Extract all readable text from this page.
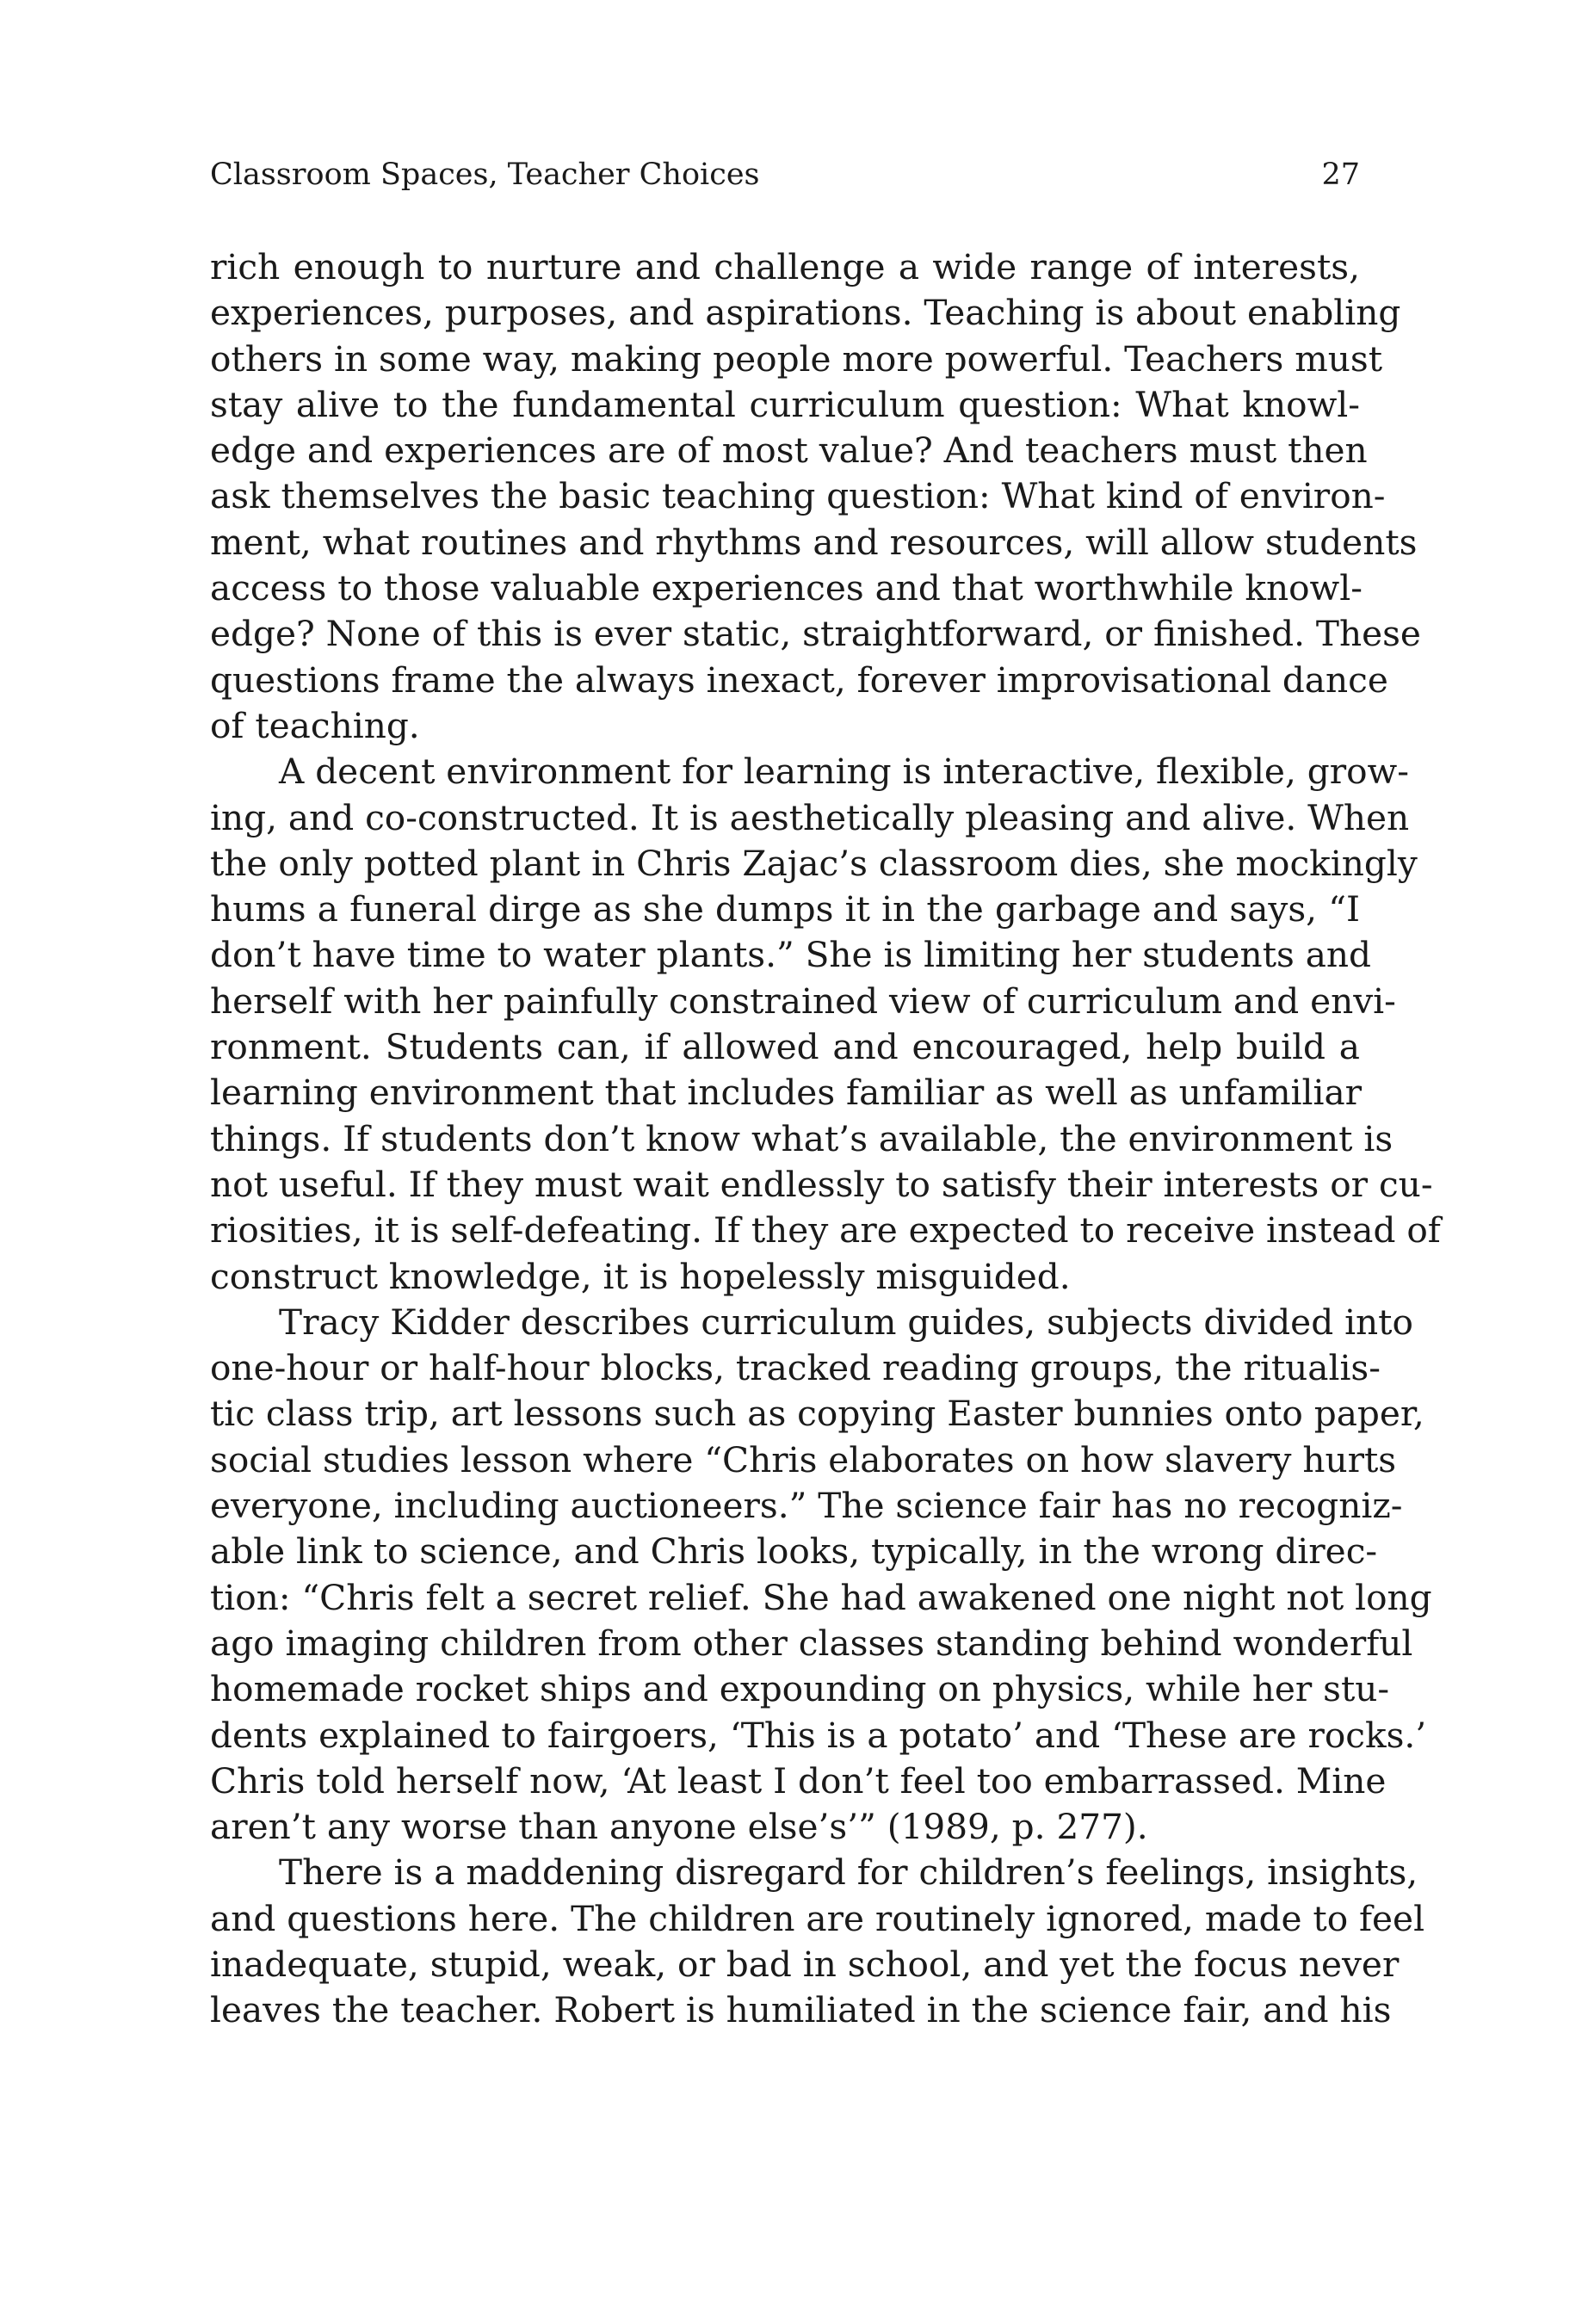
Classroom Spaces, Teacher Choices	27
rich enough to nurture and challenge a wide range of interests,
experiences, purposes, and aspirations. Teaching is about enabling
others in some way, making people more powerful. Teachers must
stay alive to the fundamental curriculum question: What knowl-
edge and experiences are of most value? And teachers must then
ask themselves the basic teaching question: What kind of environ-
ment, what routines and rhythms and resources, will allow students
access to those valuable experiences and that worthwhile knowl-
edge? None of this is ever static, straightforward, or finished. These
questions frame the always inexact, forever improvisational dance
of teaching.
A decent environment for learning is interactive, flexible, grow-
ing, and co-constructed. It is aesthetically pleasing and alive. When
the only potted plant in Chris Zajac’s classroom dies, she mockingly
hums a funeral dirge as she dumps it in the garbage and says, “I
don’t have time to water plants.” She is limiting her students and
herself with her painfully constrained view of curriculum and envi-
ronment. Students can, if allowed and encouraged, help build a
learning environment that includes familiar as well as unfamiliar
things. If students don’t know what’s available, the environment is
not useful. If they must wait endlessly to satisfy their interests or cu-
riosities, it is self-defeating. If they are expected to receive instead of
construct knowledge, it is hopelessly misguided.
Tracy Kidder describes curriculum guides, subjects divided into
one-hour or half-hour blocks, tracked reading groups, the ritualis-
tic class trip, art lessons such as copying Easter bunnies onto paper,
social studies lesson where “Chris elaborates on how slavery hurts
everyone, including auctioneers.” The science fair has no recogniz-
able link to science, and Chris looks, typically, in the wrong direc-
tion: “Chris felt a secret relief. She had awakened one night not long
ago imaging children from other classes standing behind wonderful
homemade rocket ships and expounding on physics, while her stu-
dents explained to fairgoers, ‘This is a potato’ and ‘These are rocks.’
Chris told herself now, ‘At least I don’t feel too embarrassed. Mine
aren’t any worse than anyone else’s’” (1989, p. 277).
There is a maddening disregard for children’s feelings, insights,
and questions here. The children are routinely ignored, made to feel
inadequate, stupid, weak, or bad in school, and yet the focus never
leaves the teacher. Robert is humiliated in the science fair, and his
